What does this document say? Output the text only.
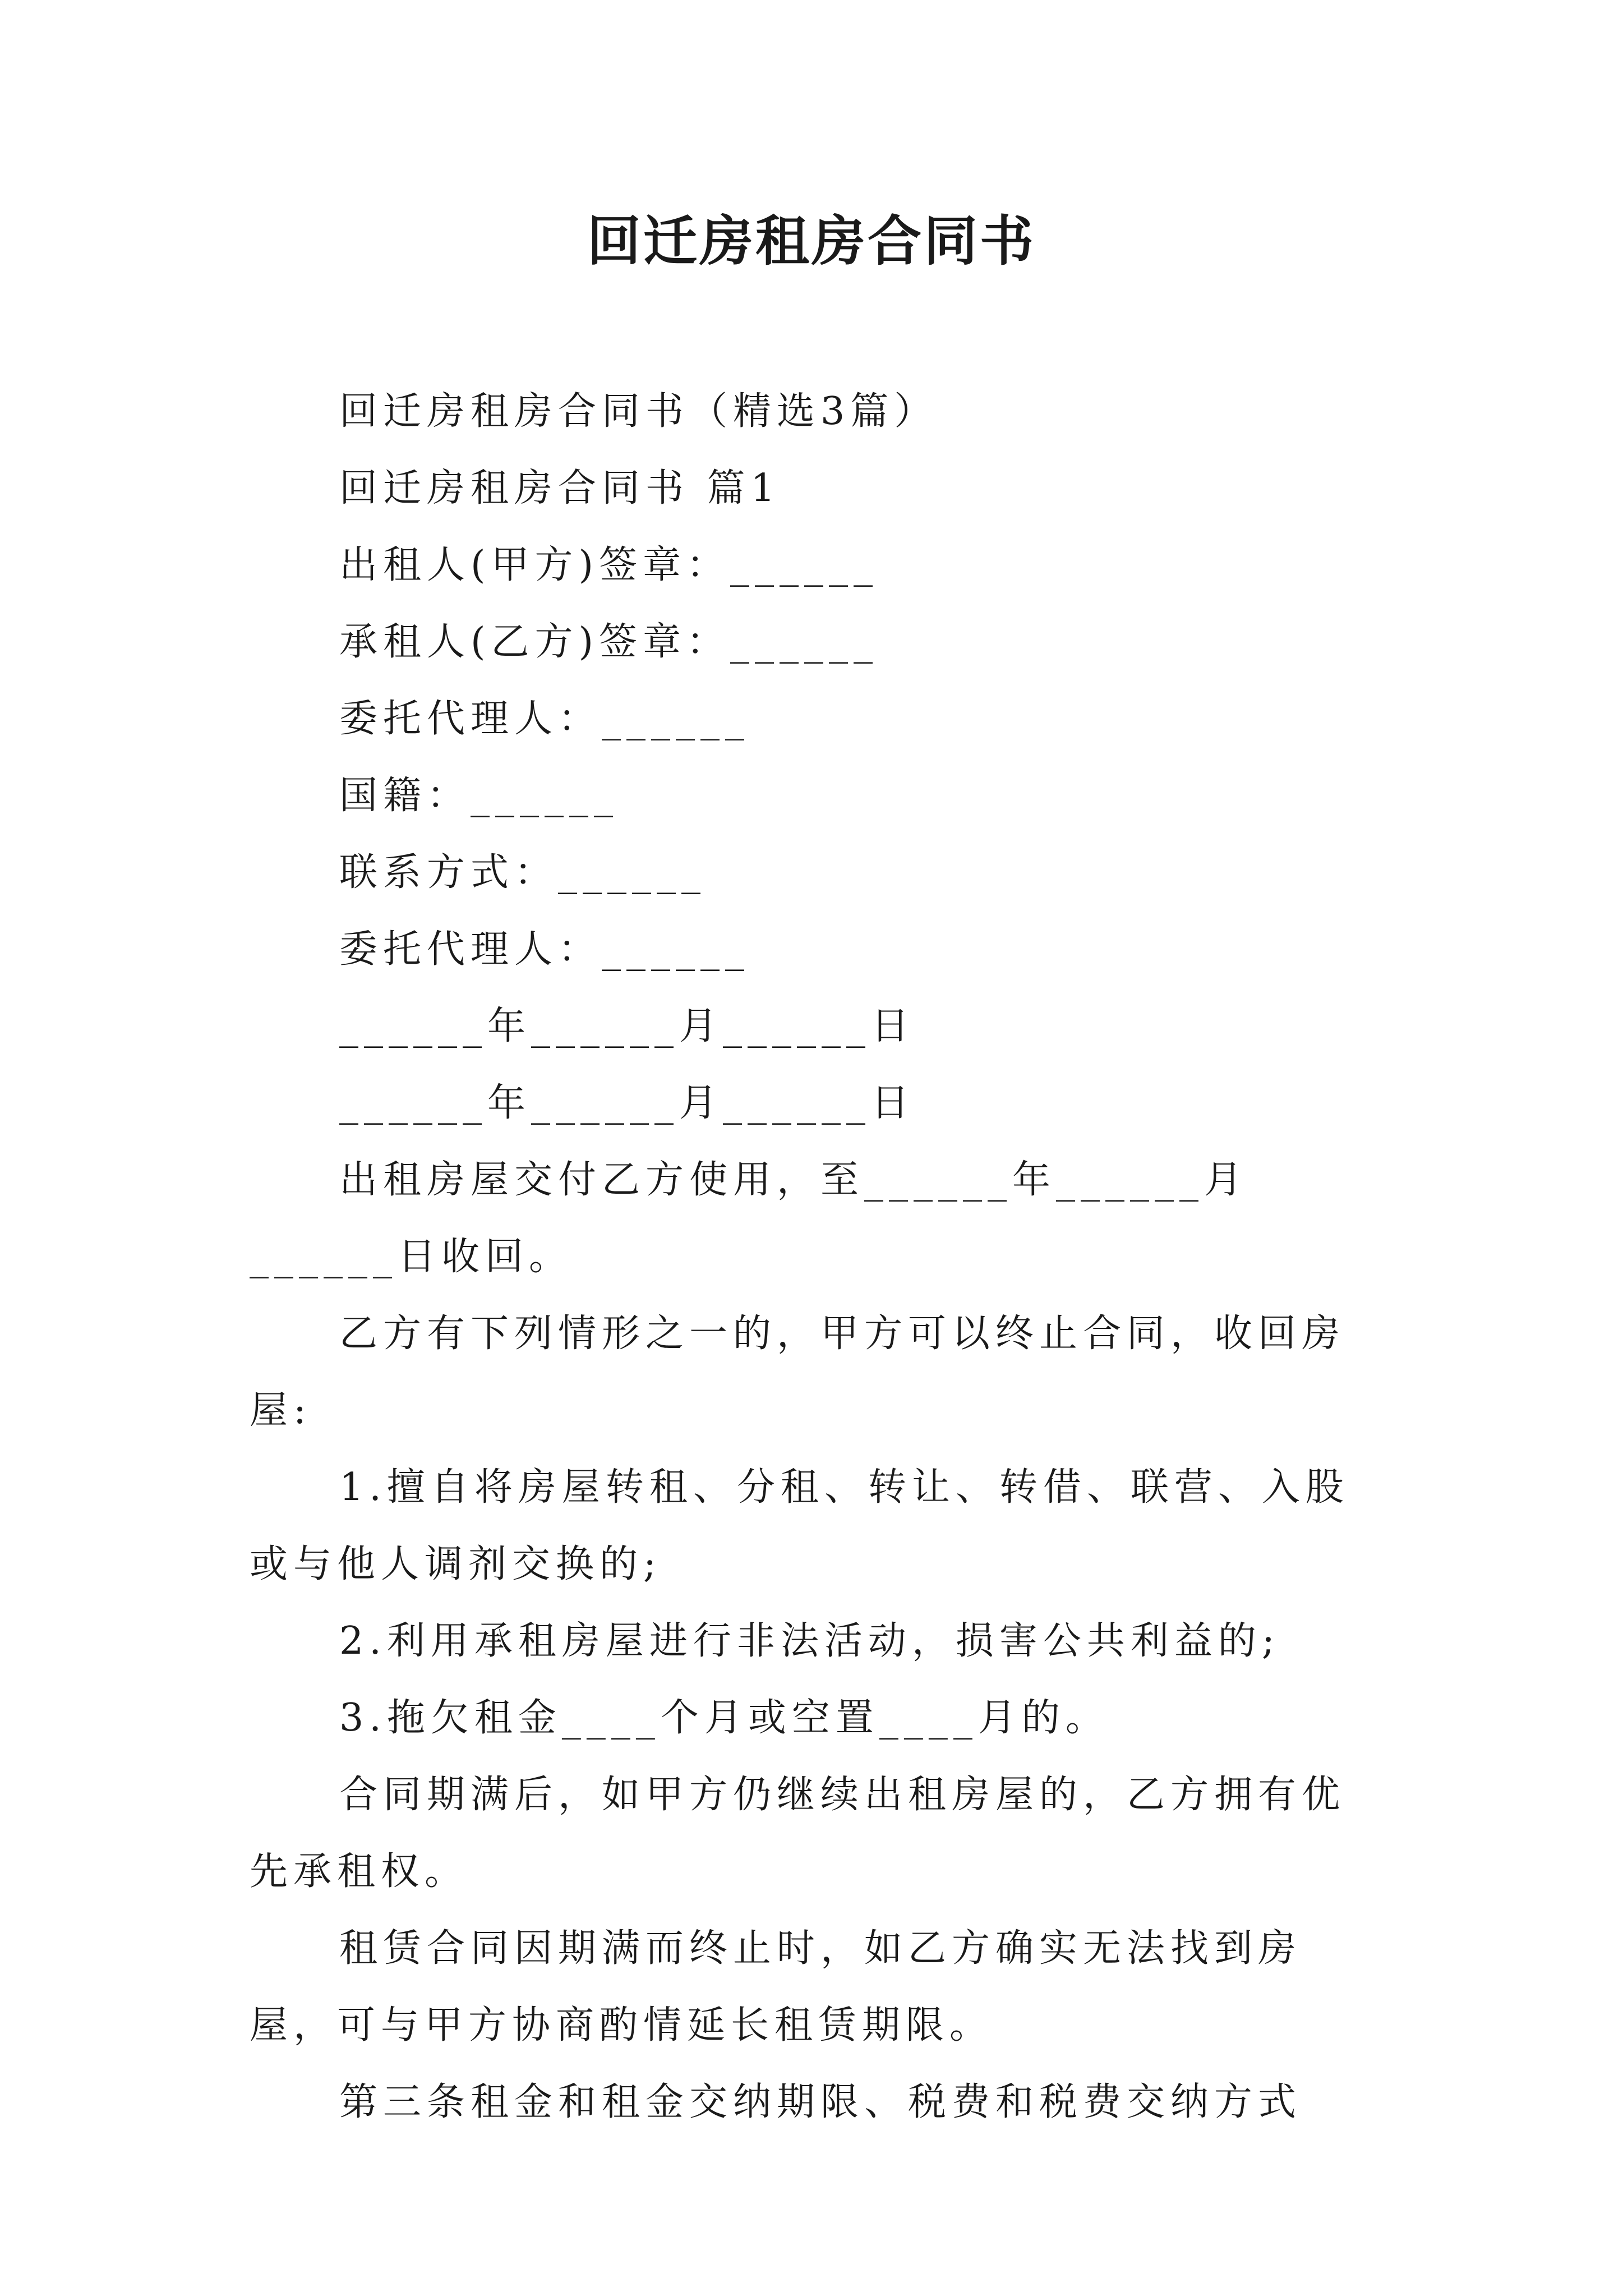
回迁房租房合同书

回迁房租房合同书（精选3篇）

回迁房租房合同书 篇1

出租人(甲方)签章：______

承租人(乙方)签章：______

委托代理人：______

国籍：______

联系方式：______

委托代理人：______

______年______月______日

______年______月______日

出租房屋交付乙方使用，至______年______月______日收回。

乙方有下列情形之一的，甲方可以终止合同，收回房屋:

1.擅自将房屋转租、分租、转让、转借、联营、入股或与他人调剂交换的;

2.利用承租房屋进行非法活动，损害公共利益的;

3.拖欠租金____个月或空置____月的。

合同期满后，如甲方仍继续出租房屋的，乙方拥有优先承租权。

租赁合同因期满而终止时，如乙方确实无法找到房屋，可与甲方协商酌情延长租赁期限。

第三条租金和租金交纳期限、税费和税费交纳方式
